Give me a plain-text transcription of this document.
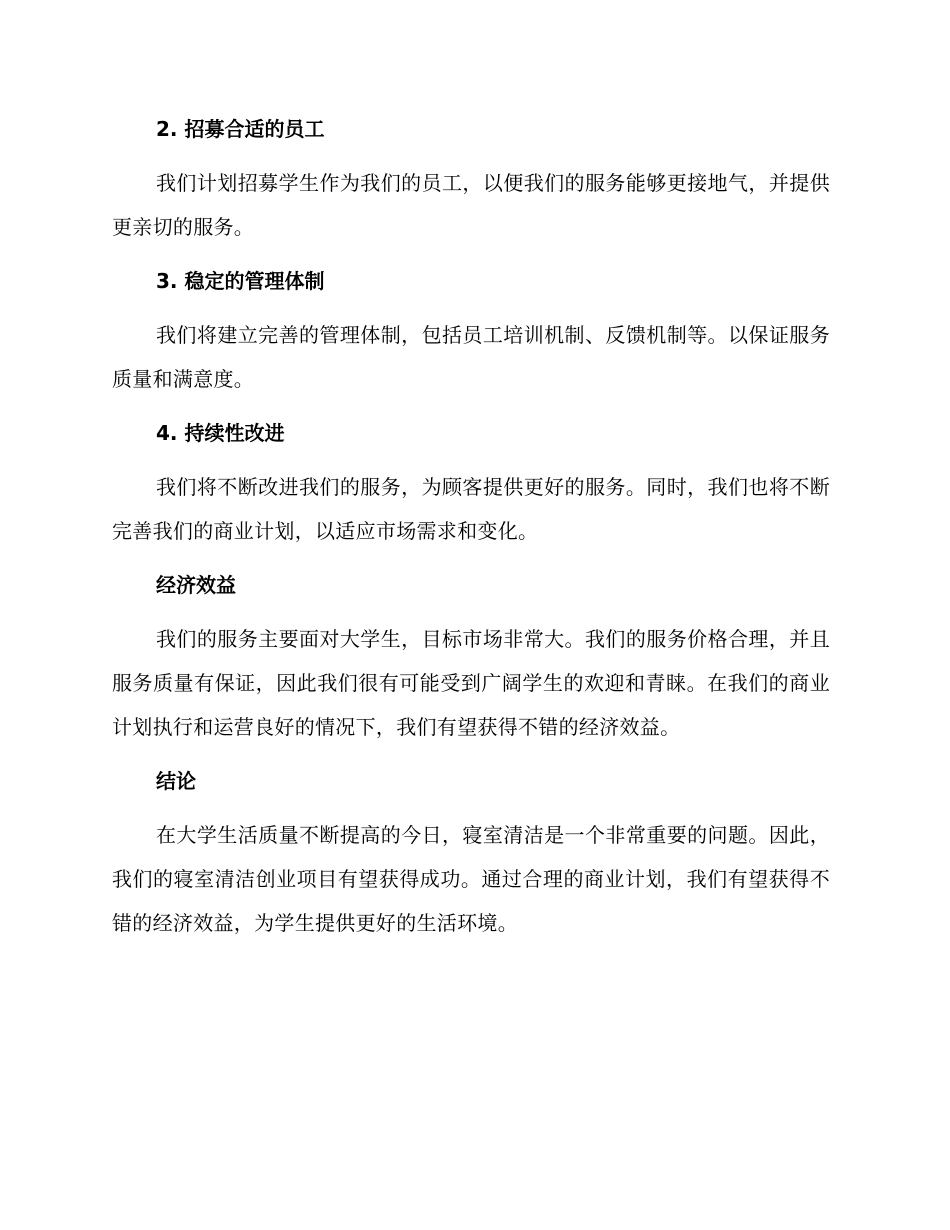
2. 招募合适的员工

我们计划招募学生作为我们的员工，以便我们的服务能够更接地气，并提供更亲切的服务。

3. 稳定的管理体制

我们将建立完善的管理体制，包括员工培训机制、反馈机制等。以保证服务质量和满意度。

4. 持续性改进

我们将不断改进我们的服务，为顾客提供更好的服务。同时，我们也将不断完善我们的商业计划，以适应市场需求和变化。

经济效益

我们的服务主要面对大学生，目标市场非常大。我们的服务价格合理，并且服务质量有保证，因此我们很有可能受到广阔学生的欢迎和青睐。在我们的商业计划执行和运营良好的情况下，我们有望获得不错的经济效益。

结论

在大学生活质量不断提高的今日，寝室清洁是一个非常重要的问题。因此，我们的寝室清洁创业项目有望获得成功。通过合理的商业计划，我们有望获得不错的经济效益，为学生提供更好的生活环境。
